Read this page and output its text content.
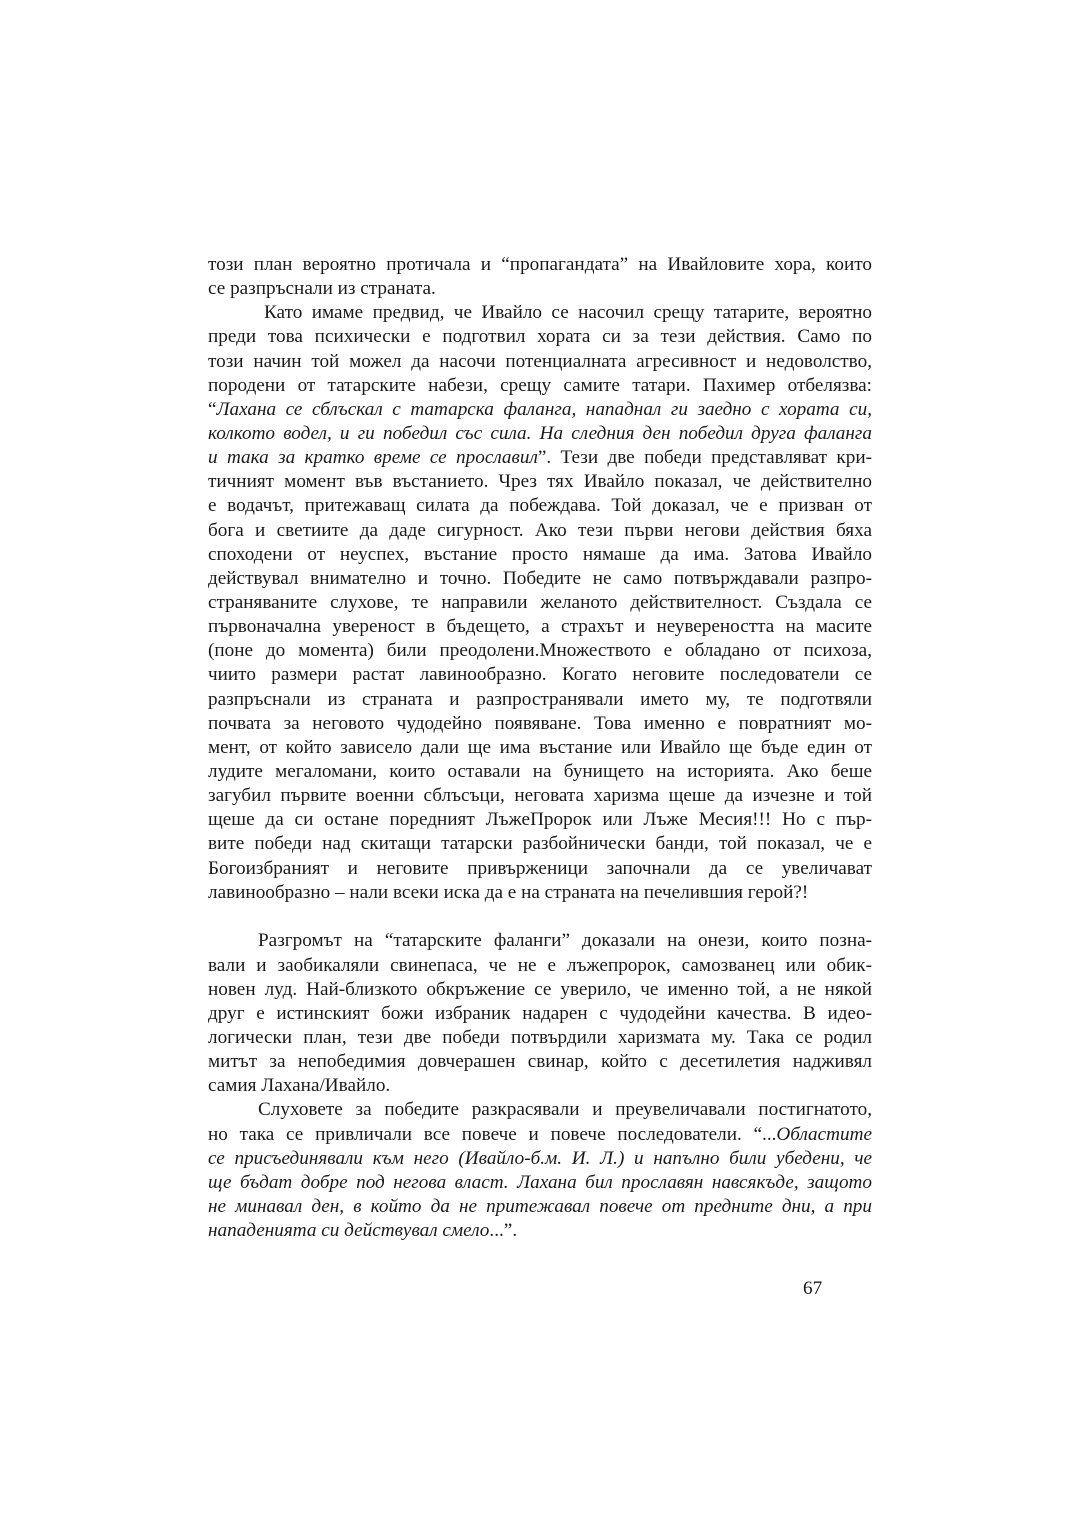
този план вероятно протичала и “пропагандата” на Ивайловите хора, които
се разпръснали из страната.
Като имаме предвид, че Ивайло се насочил срещу татарите, вероятно
преди това психически е подготвил хората си за тези действия. Само по
този начин той можел да насочи потенциалната агресивност и недоволство,
породени от татарските набези, срещу самите татари. Пахимер отбелязва:
“Лахана се сблъскал с татарска фаланга, нападнал ги заедно с хората си,
колкото водел, и ги победил със сила. На следния ден победил друга фаланга
и така за кратко време се прославил”. Тези две победи представляват кри-
тичният момент във въстанието. Чрез тях Ивайло показал, че действително
е водачът, притежаващ силата да побеждава. Той доказал, че е призван от
бога и светиите да даде сигурност. Ако тези първи негови действия бяха
споходени от неуспех, въстание просто нямаше да има. Затова Ивайло
действувал внимателно и точно. Победите не само потвърждавали разпро-
страняваните слухове, те направили желаното действителност. Създала се
първоначална увереност в бъдещето, а страхът и неувереността на масите
(поне до момента) били преодолени.Множеството е обладано от психоза,
чиито размери растат лавинообразно. Когато неговите последователи се
разпръснали из страната и разпространявали името му, те подготвяли
почвата за неговото чудодейно появяване. Това именно е повратният мо-
мент, от който зависело дали ще има въстание или Ивайло ще бъде един от
лудите мегаломани, които оставали на бунището на историята. Ако беше
загубил първите военни сблъсъци, неговата харизма щеше да изчезне и той
щеше да си остане поредният ЛъжеПророк или Лъже Месия!!! Но с пър-
вите победи над скитащи татарски разбойнически банди, той показал, че е
Богоизбраният и неговите привърженици започнали да се увеличават
лавинообразно – нали всеки иска да е на страната на печелившия герой?!
Разгромът на “татарските фаланги” доказали на онези, които позна-
вали и заобикаляли свинепаса, че не е лъжепророк, самозванец или обик-
новен луд. Най-близкото обкръжение се уверило, че именно той, а не някой
друг е истинският божи избраник надарен с чудодейни качества. В идео-
логически план, тези две победи потвърдили харизмата му. Така се родил
митът за непобедимия довчерашен свинар, който с десетилетия надживял
самия Лахана/Ивайло.
Слуховете за победите разкрасявали и преувеличавали постигнатото,
но така се привличали все повече и повече последователи. “...Областите
се присъединявали към него (Ивайло-б.м. И. Л.) и напълно били убедени, че
ще бъдат добре под негова власт. Лахана бил прославян навсякъде, защото
не минавал ден, в който да не притежавал повече от предните дни, а при
нападенията си действувал смело...”.
67
